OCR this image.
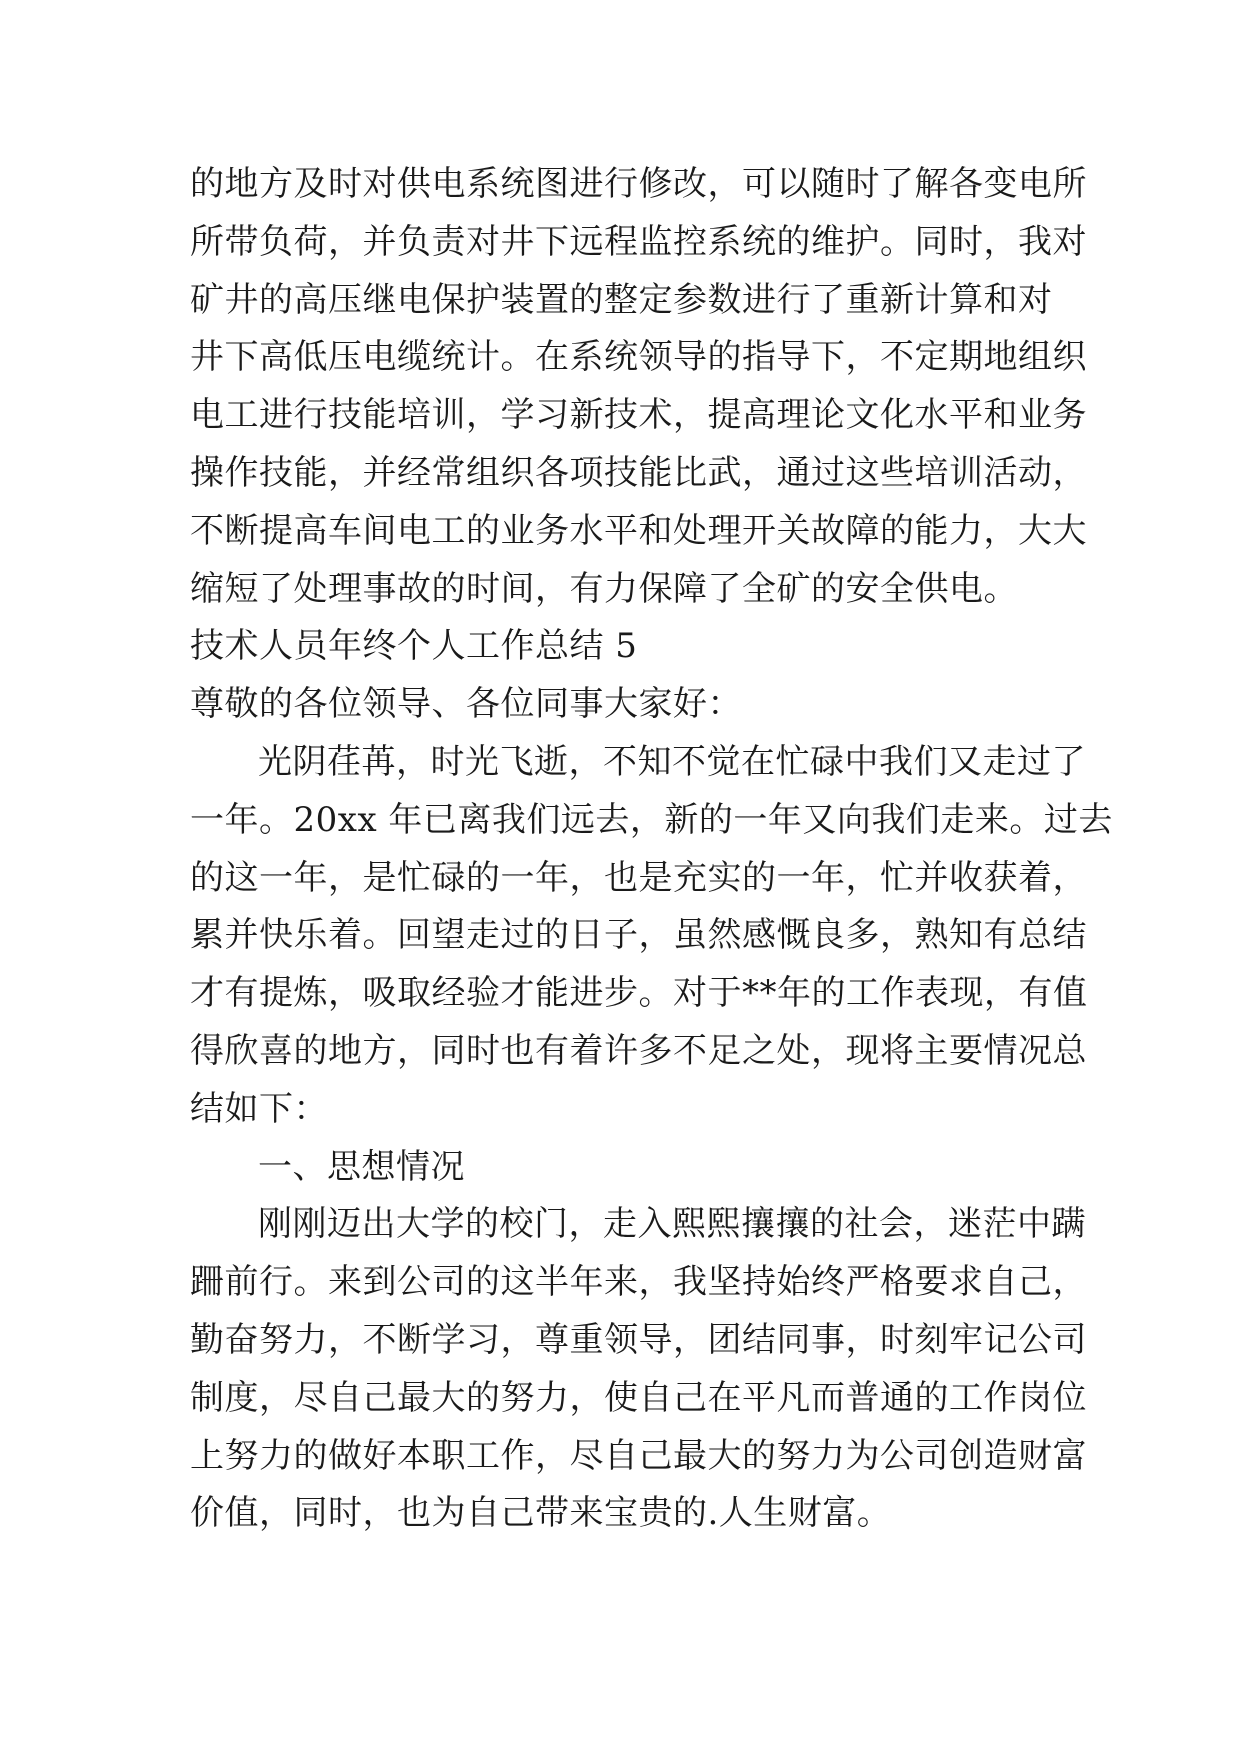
的地方及时对供电系统图进行修改，可以随时了解各变电所
所带负荷，并负责对井下远程监控系统的维护。同时，我对
矿井的高压继电保护装置的整定参数进行了重新计算和对
井下高低压电缆统计。在系统领导的指导下，不定期地组织
电工进行技能培训，学习新技术，提高理论文化水平和业务
操作技能，并经常组织各项技能比武，通过这些培训活动，
不断提高车间电工的业务水平和处理开关故障的能力，大大
缩短了处理事故的时间，有力保障了全矿的安全供电。
技术人员年终个人工作总结 5
尊敬的各位领导、各位同事大家好：
光阴荏苒，时光飞逝，不知不觉在忙碌中我们又走过了
一年。20xx 年已离我们远去，新的一年又向我们走来。过去
的这一年，是忙碌的一年，也是充实的一年，忙并收获着，
累并快乐着。回望走过的日子，虽然感慨良多，熟知有总结
才有提炼，吸取经验才能进步。对于**年的工作表现，有值
得欣喜的地方，同时也有着许多不足之处，现将主要情况总
结如下：
一、思想情况
刚刚迈出大学的校门，走入熙熙攘攘的社会，迷茫中蹒
跚前行。来到公司的这半年来，我坚持始终严格要求自己，
勤奋努力，不断学习，尊重领导，团结同事，时刻牢记公司
制度，尽自己最大的努力，使自己在平凡而普通的工作岗位
上努力的做好本职工作，尽自己最大的努力为公司创造财富
价值，同时，也为自己带来宝贵的.人生财富。
